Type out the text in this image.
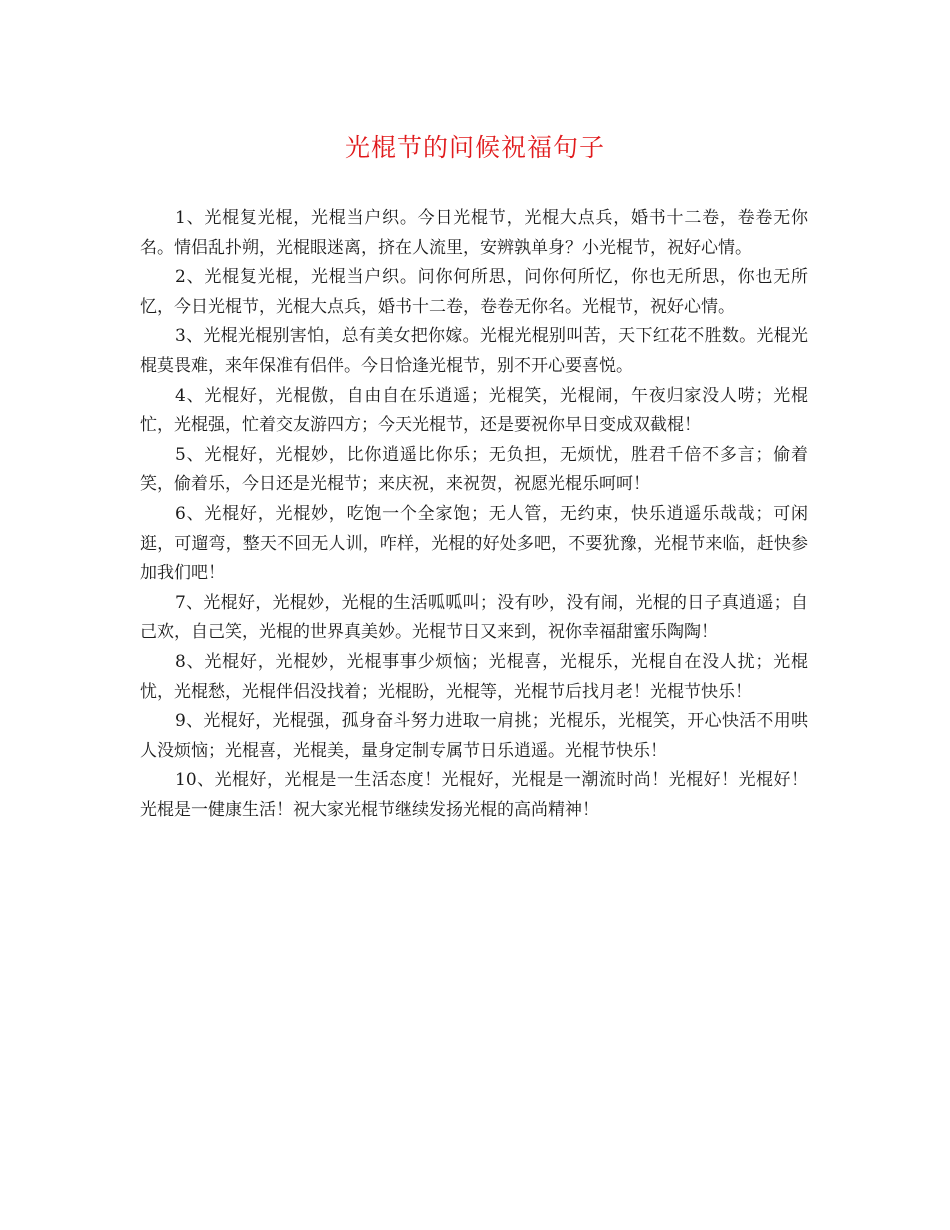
光棍节的问候祝福句子

1、光棍复光棍，光棍当户织。今日光棍节，光棍大点兵，婚书十二卷，卷卷无你名。情侣乱扑朔，光棍眼迷离，挤在人流里，安辨孰单身？小光棍节，祝好心情。

2、光棍复光棍，光棍当户织。问你何所思，问你何所忆，你也无所思，你也无所忆，今日光棍节，光棍大点兵，婚书十二卷，卷卷无你名。光棍节，祝好心情。

3、光棍光棍别害怕，总有美女把你嫁。光棍光棍别叫苦，天下红花不胜数。光棍光棍莫畏难，来年保准有侣伴。今日恰逢光棍节，别不开心要喜悦。

4、光棍好，光棍傲，自由自在乐逍遥；光棍笑，光棍闹，午夜归家没人唠；光棍忙，光棍强，忙着交友游四方；今天光棍节，还是要祝你早日变成双截棍！

5、光棍好，光棍妙，比你逍遥比你乐；无负担，无烦忧，胜君千倍不多言；偷着笑，偷着乐，今日还是光棍节；来庆祝，来祝贺，祝愿光棍乐呵呵！

6、光棍好，光棍妙，吃饱一个全家饱；无人管，无约束，快乐逍遥乐哉哉；可闲逛，可遛弯，整天不回无人训，咋样，光棍的好处多吧，不要犹豫，光棍节来临，赶快参加我们吧！

7、光棍好，光棍妙，光棍的生活呱呱叫；没有吵，没有闹，光棍的日子真逍遥；自己欢，自己笑，光棍的世界真美妙。光棍节日又来到，祝你幸福甜蜜乐陶陶！

8、光棍好，光棍妙，光棍事事少烦恼；光棍喜，光棍乐，光棍自在没人扰；光棍忧，光棍愁，光棍伴侣没找着；光棍盼，光棍等，光棍节后找月老！光棍节快乐！

9、光棍好，光棍强，孤身奋斗努力进取一肩挑；光棍乐，光棍笑，开心快活不用哄人没烦恼；光棍喜，光棍美，量身定制专属节日乐逍遥。光棍节快乐！

10、光棍好，光棍是一生活态度！光棍好，光棍是一潮流时尚！光棍好！光棍好！光棍是一健康生活！祝大家光棍节继续发扬光棍的高尚精神！
